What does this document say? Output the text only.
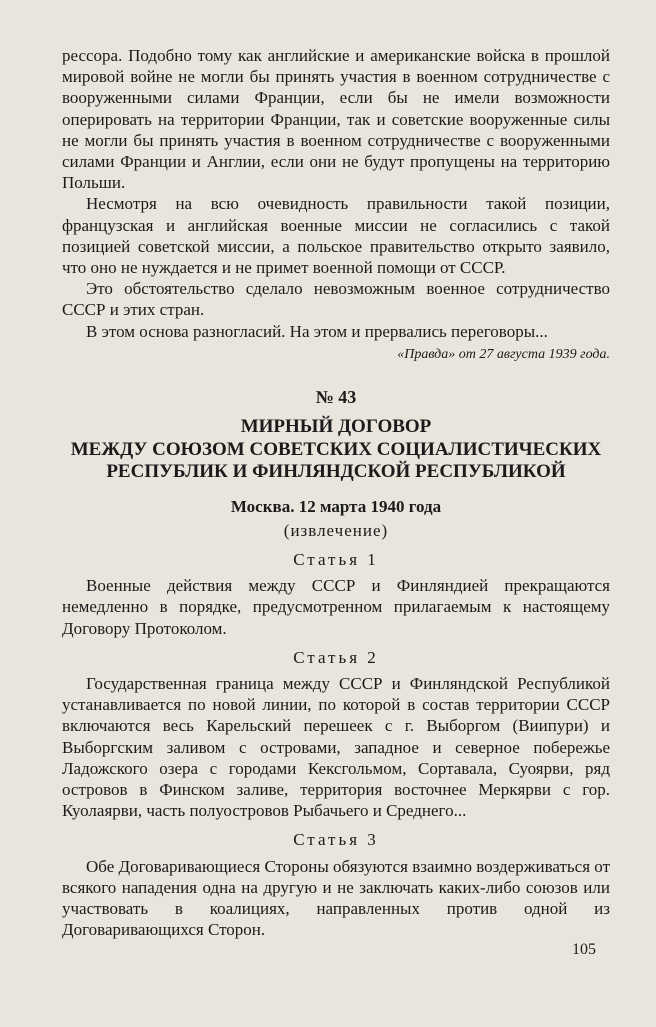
рессора. Подобно тому как английские и американские войска в прошлой мировой войне не могли бы принять участия в военном сотрудничестве с вооруженными силами Франции, если бы не имели возможности оперировать на территории Франции, так и советские вооруженные силы не могли бы принять участия в военном сотрудничестве с вооруженными силами Франции и Англии, если они не будут пропущены на территорию Польши.

Несмотря на всю очевидность правильности такой позиции, французская и английская военные миссии не согласились с такой позицией советской миссии, а польское правительство открыто заявило, что оно не нуждается и не примет военной помощи от СССР.

Это обстоятельство сделало невозможным военное сотрудничество СССР и этих стран.

В этом основа разногласий. На этом и прервались переговоры...

«Правда» от 27 августа 1939 года.

№ 43

МИРНЫЙ ДОГОВОР

МЕЖДУ СОЮЗОМ СОВЕТСКИХ СОЦИАЛИСТИЧЕСКИХ

РЕСПУБЛИК И ФИНЛЯНДСКОЙ РЕСПУБЛИКОЙ

Москва. 12 марта 1940 года

(извлечение)

Статья 1

Военные действия между СССР и Финляндией прекращаются немедленно в порядке, предусмотренном прилагаемым к настоящему Договору Протоколом.

Статья 2

Государственная граница между СССР и Финляндской Республикой устанавливается по новой линии, по которой в состав территории СССР включаются весь Карельский перешеек с г. Выборгом (Виипури) и Выборгским заливом с островами, западное и северное побережье Ладожского озера с городами Кексгольмом, Сортавала, Суоярви, ряд островов в Финском заливе, территория восточнее Меркярви с гор. Куолаярви, часть полуостровов Рыбачьего и Среднего...

Статья 3

Обе Договаривающиеся Стороны обязуются взаимно воздерживаться от всякого нападения одна на другую и не заключать каких-либо союзов или участвовать в коалициях, направленных против одной из Договаривающихся Сторон.

105
